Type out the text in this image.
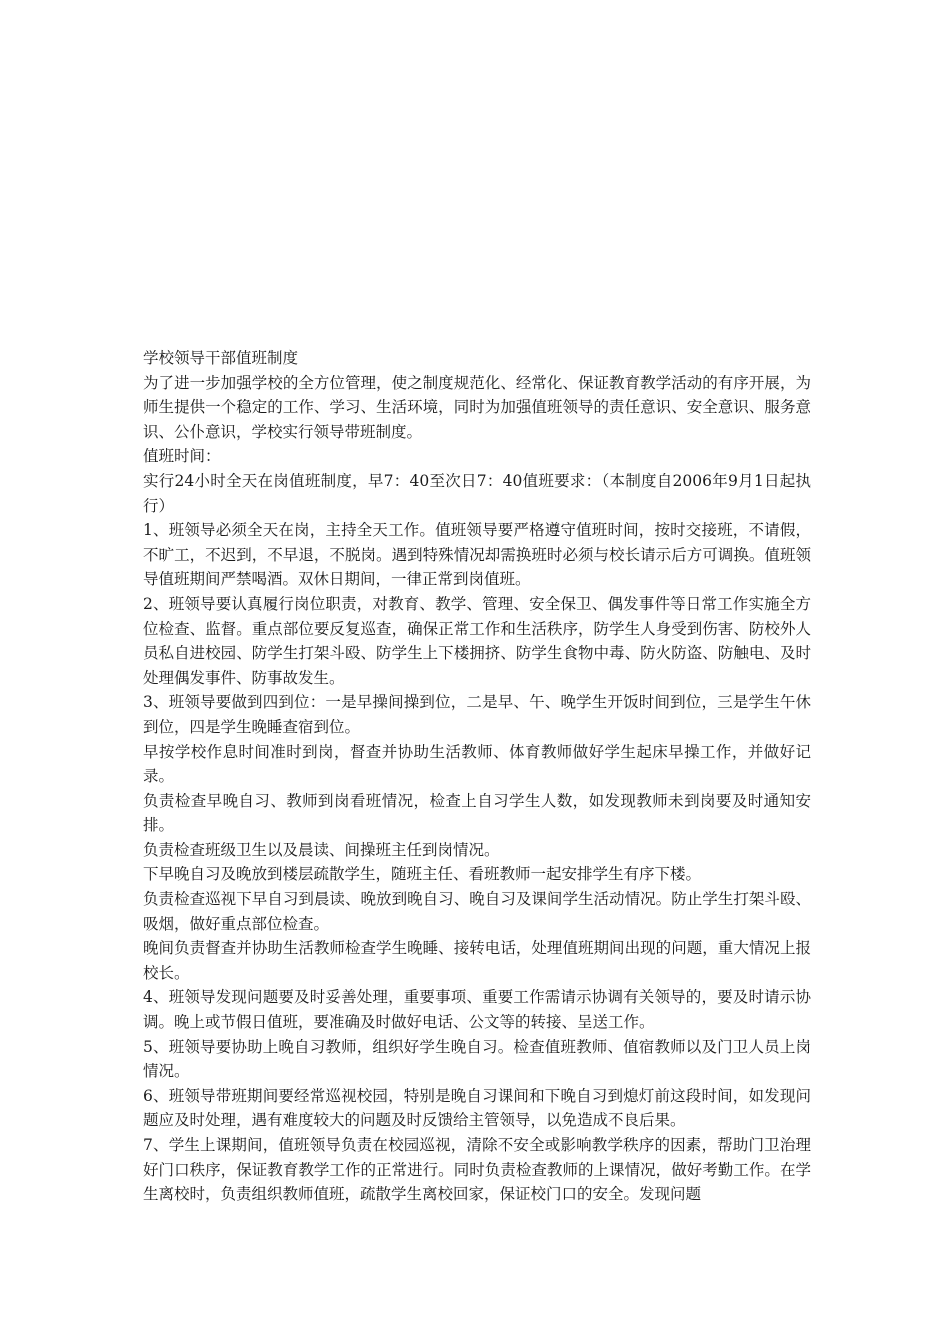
学校领导干部值班制度

为了进一步加强学校的全方位管理，使之制度规范化、经常化、保证教育教学活动的有序开展，为师生提供一个稳定的工作、学习、生活环境，同时为加强值班领导的责任意识、安全意识、服务意识、公仆意识，学校实行领导带班制度。

值班时间：

实行24小时全天在岗值班制度，早7：40至次日7：40值班要求：（本制度自2006年9月1日起执行）

1、班领导必须全天在岗，主持全天工作。值班领导要严格遵守值班时间，按时交接班，不请假，不旷工，不迟到，不早退，不脱岗。遇到特殊情况却需换班时必须与校长请示后方可调换。值班领导值班期间严禁喝酒。双休日期间，一律正常到岗值班。

2、班领导要认真履行岗位职责，对教育、教学、管理、安全保卫、偶发事件等日常工作实施全方位检查、监督。重点部位要反复巡查，确保正常工作和生活秩序，防学生人身受到伤害、防校外人员私自进校园、防学生打架斗殴、防学生上下楼拥挤、防学生食物中毒、防火防盗、防触电、及时处理偶发事件、防事故发生。

3、班领导要做到四到位：一是早操间操到位，二是早、午、晚学生开饭时间到位，三是学生午休到位，四是学生晚睡查宿到位。

早按学校作息时间准时到岗，督查并协助生活教师、体育教师做好学生起床早操工作，并做好记录。

负责检查早晚自习、教师到岗看班情况，检查上自习学生人数，如发现教师未到岗要及时通知安排。

负责检查班级卫生以及晨读、间操班主任到岗情况。

下早晚自习及晚放到楼层疏散学生，随班主任、看班教师一起安排学生有序下楼。

负责检查巡视下早自习到晨读、晚放到晚自习、晚自习及课间学生活动情况。防止学生打架斗殴、吸烟，做好重点部位检查。

晚间负责督查并协助生活教师检查学生晚睡、接转电话，处理值班期间出现的问题，重大情况上报校长。

4、班领导发现问题要及时妥善处理，重要事项、重要工作需请示协调有关领导的，要及时请示协调。晚上或节假日值班，要准确及时做好电话、公文等的转接、呈送工作。

5、班领导要协助上晚自习教师，组织好学生晚自习。检查值班教师、值宿教师以及门卫人员上岗情况。

6、班领导带班期间要经常巡视校园，特别是晚自习课间和下晚自习到熄灯前这段时间，如发现问题应及时处理，遇有难度较大的问题及时反馈给主管领导，以免造成不良后果。

7、学生上课期间，值班领导负责在校园巡视，清除不安全或影响教学秩序的因素，帮助门卫治理好门口秩序，保证教育教学工作的正常进行。同时负责检查教师的上课情况，做好考勤工作。在学生离校时，负责组织教师值班，疏散学生离校回家，保证校门口的安全。发现问题
